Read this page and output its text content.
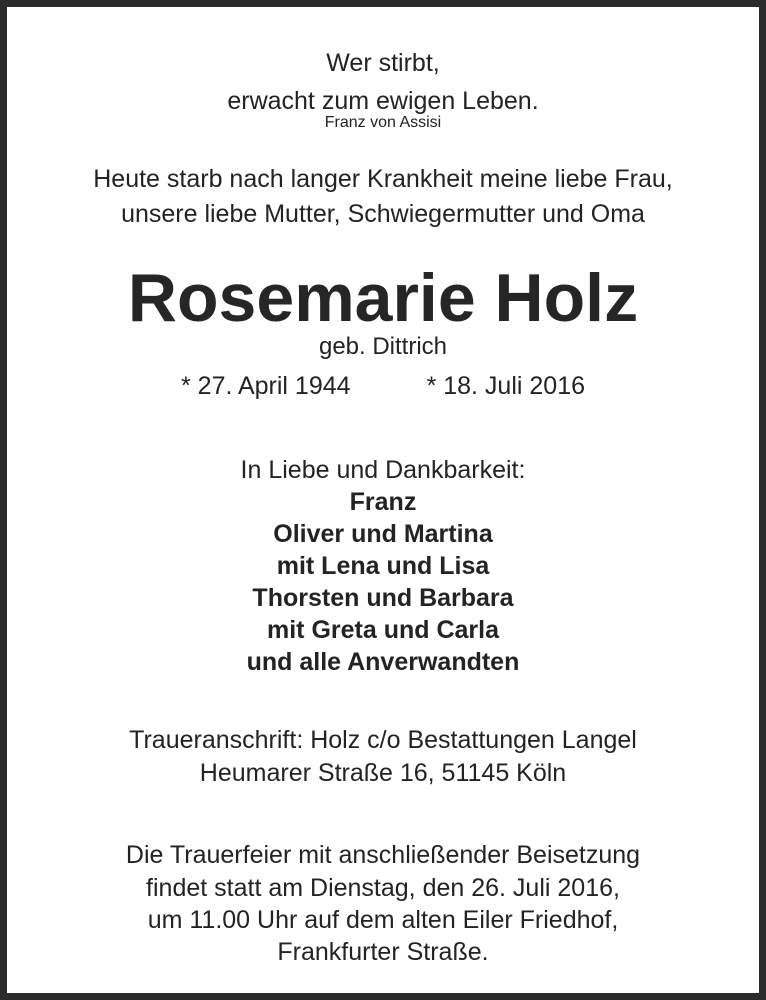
Wer stirbt,
erwacht zum ewigen Leben.
Franz von Assisi
Heute starb nach langer Krankheit meine liebe Frau,
unsere liebe Mutter, Schwiegermutter und Oma
Rosemarie Holz
geb. Dittrich
* 27. April 1944	* 18. Juli 2016
In Liebe und Dankbarkeit:
Franz
Oliver und Martina
mit Lena und Lisa
Thorsten und Barbara
mit Greta und Carla
und alle Anverwandten
Traueranschrift: Holz c/o Bestattungen Langel
Heumarer Straße 16, 51145 Köln
Die Trauerfeier mit anschließender Beisetzung
findet statt am Dienstag, den 26. Juli 2016,
um 11.00 Uhr auf dem alten Eiler Friedhof,
Frankfurter Straße.
